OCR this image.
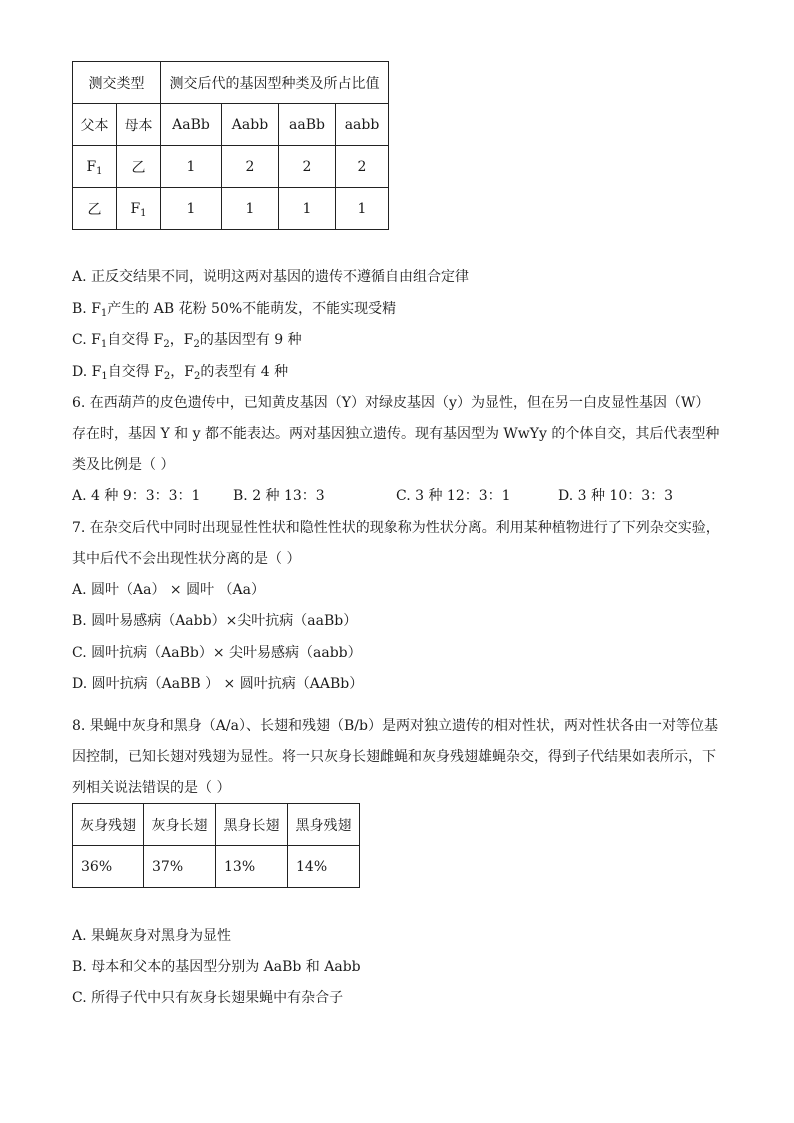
测交类型		测交后代的基因型种类及所占比值			
父本	母本	AaBb	Aabb	aaBb	aabb
$F_1$	乙	1	2	2	2
乙	$F_1$	1	1	1	1
A. 正反交结果不同，说明这两对基因的遗传不遵循自由组合定律
B. $F_1$产生的 AB 花粉 50%不能萌发，不能实现受精
C. $F_1$自交得 $F_2$，$F_2$的基因型有 9 种
D. $F_1$自交得 $F_2$，$F_2$的表型有 4 种
6. 在西葫芦的皮色遗传中，已知黄皮基因（Y）对绿皮基因（y）为显性，但在另一白皮显性基因（W）
存在时，基因 Y 和 y 都不能表达。两对基因独立遗传。现有基因型为 WwYy 的个体自交，其后代表型种
类及比例是（ ）
A. 4 种 9：3：3：1 B. 2 种 13：3	C. 3 种 12：3：1	D. 3 种 10：3：3
7. 在杂交后代中同时出现显性性状和隐性性状的现象称为性状分离。利用某种植物进行了下列杂交实验，
其中后代不会出现性状分离的是（ ）
A. 圆叶（Aa） × 圆叶 （Aa）
B. 圆叶易感病（Aabb）×尖叶抗病（aaBb）
C. 圆叶抗病（AaBb）× 尖叶易感病（aabb）
D. 圆叶抗病（AaBB ） × 圆叶抗病（AABb）
8. 果蝇中灰身和黑身（A/a）、长翅和残翅（B/b）是两对独立遗传的相对性状，两对性状各由一对等位基
因控制，已知长翅对残翅为显性。将一只灰身长翅雌蝇和灰身残翅雄蝇杂交，得到子代结果如表所示，下
列相关说法错误的是（ ）
灰身残翅	灰身长翅	黑身长翅	黑身残翅
36%	37%	13%	14%
A. 果蝇灰身对黑身为显性
B. 母本和父本的基因型分别为 AaBb 和 Aabb
C. 所得子代中只有灰身长翅果蝇中有杂合子
